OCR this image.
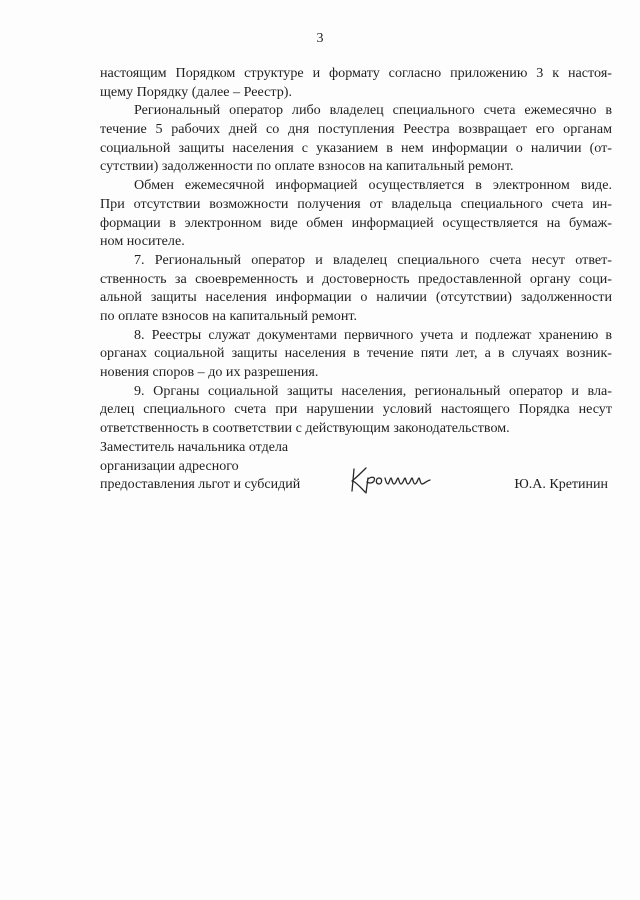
3
настоящим Порядком структуре и формату согласно приложению 3 к настоя-
щему Порядку (далее – Реестр).
Региональный оператор либо владелец специального счета ежемесячно в
течение 5 рабочих дней со дня поступления Реестра возвращает его органам
социальной защиты населения с указанием в нем информации о наличии (от-
сутствии) задолженности по оплате взносов на капитальный ремонт.
Обмен ежемесячной информацией осуществляется в электронном виде.
При отсутствии возможности получения от владельца специального счета ин-
формации в электронном виде обмен информацией осуществляется на бумаж-
ном носителе.
7. Региональный оператор и владелец специального счета несут ответ-
ственность за своевременность и достоверность предоставленной органу соци-
альной защиты населения информации о наличии (отсутствии) задолженности
по оплате взносов на капитальный ремонт.
8. Реестры служат документами первичного учета и подлежат хранению в
органах социальной защиты населения в течение пяти лет, а в случаях возник-
новения споров – до их разрешения.
9. Органы социальной защиты населения, региональный оператор и вла-
делец специального счета при нарушении условий настоящего Порядка несут
ответственность в соответствии с действующим законодательством.
Заместитель начальника отдела
организации адресного
предоставления льгот и субсидий	Ю.А. Кретинин
